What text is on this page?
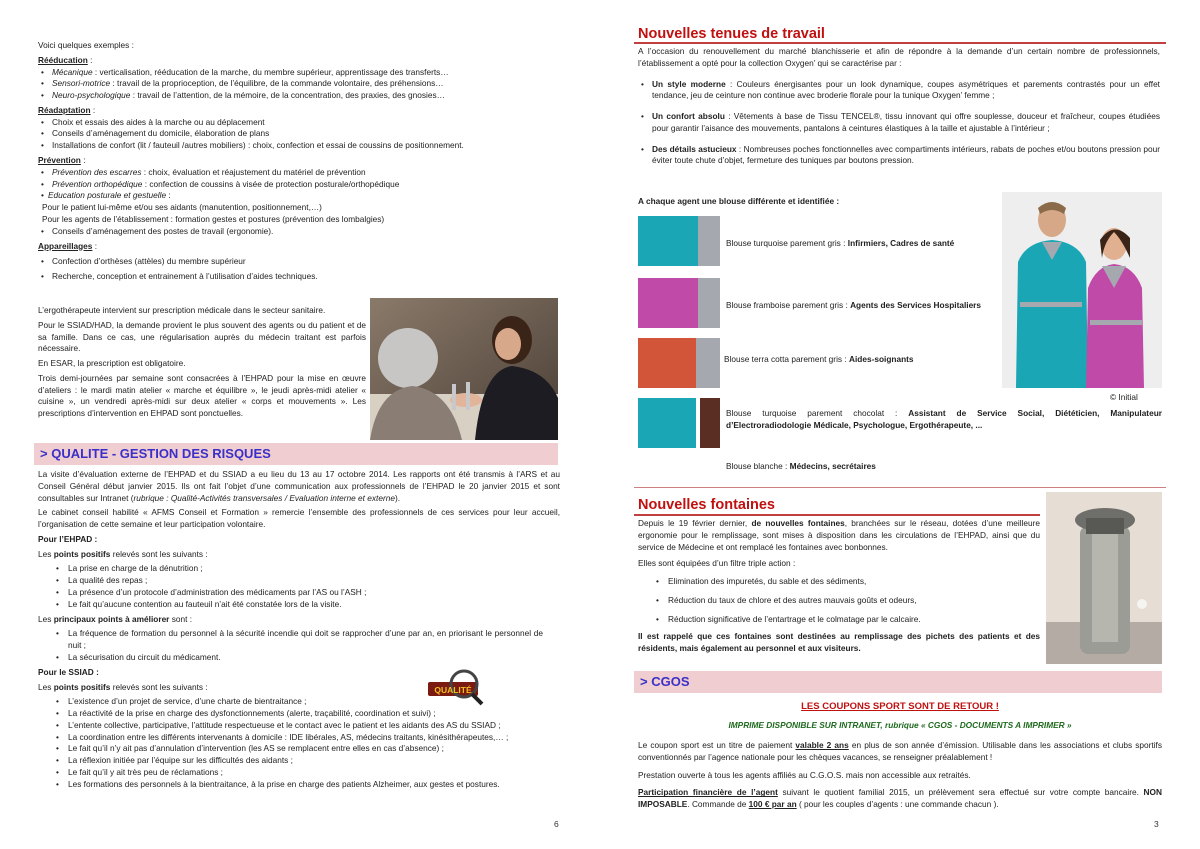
Voici quelques exemples :

Rééducation :
• Mécanique : verticalisation, rééducation de la marche, du membre supérieur, apprentissage des transferts…
• Sensori-motrice : travail de la proprioception, de l’équilibre, de la commande volontaire, des préhensions…
• Neuro-psychologique : travail de l’attention, de la mémoire, de la concentration, des praxies, des gnosies…
Réadaptation :
• Choix et essais des aides à la marche ou au déplacement
• Conseils d’aménagement du domicile, élaboration de plans
• Installations de confort (lit / fauteuil /autres mobiliers) : choix, confection et essai de coussins de positionnement.
Prévention :
• Prévention des escarres : choix, évaluation et réajustement du matériel de prévention
• Prévention orthopédique : confection de coussins à visée de protection posturale/orthopédique
• Education posturale et gestuelle :
Pour le patient lui-même et/ou ses aidants (manutention, positionnement,…)
Pour les agents de l’établissement : formation gestes et postures (prévention des lombalgies)
• Conseils d’aménagement des postes de travail (ergonomie).
Appareillages :
• Confection d’orthèses (attèles) du membre supérieur
• Recherche, conception et entrainement à l’utilisation d’aides techniques.

L’ergothérapeute intervient sur prescription médicale dans le secteur sanitaire.

Pour le SSIAD/HAD, la demande provient le plus souvent des agents ou du patient et de sa famille. Dans ce cas, une régularisation auprès du médecin traitant est parfois nécessaire.

En ESAR, la prescription est obligatoire.

Trois demi-journées par semaine sont consacrées à l’EHPAD pour la mise en œuvre d’ateliers : le mardi matin atelier « marche et équilibre », le jeudi après-midi atelier « cuisine », un vendredi après-midi sur deux atelier « corps et mouvements ». Les prescriptions d’intervention en EHPAD sont ponctuelles.

> QUALITE - GESTION DES RISQUES

La visite d’évaluation externe de l’EHPAD et du SSIAD a eu lieu du 13 au 17 octobre 2014. Les rapports ont été transmis à l’ARS et au Conseil Général début janvier 2015. Ils ont fait l’objet d’une communication aux professionnels de l’EHPAD le 20 janvier 2015 et sont consultables sur Intranet (rubrique : Qualité-Activités transversales / Evaluation interne et externe).

Le cabinet conseil habilité « AFMS Conseil et Formation » remercie l’ensemble des professionnels de ces services pour leur accueil, l’organisation de cette semaine et leur participation volontaire.

Pour l’EHPAD :

Les points positifs relevés sont les suivants :

• La prise en charge de la dénutrition ;
• La qualité des repas ;
• La présence d’un protocole d’administration des médicaments par l’AS ou l’ASH ;
• Le fait qu’aucune contention au fauteuil n’ait été constatée lors de la visite.

Les principaux points à améliorer sont :

• La fréquence de formation du personnel à la sécurité incendie qui doit se rapprocher d’une par an, en priorisant le personnel de nuit ;
• La sécurisation du circuit du médicament.

Pour le SSIAD :

Les points positifs relevés sont les suivants :

• L’existence d’un projet de service, d’une charte de bientraitance ;
• La réactivité de la prise en charge des dysfonctionnements (alerte, traçabilité, coordination et suivi) ;
• L’entente collective, participative, l’attitude respectueuse et le contact avec le patient et les aidants des AS du SSIAD ;
• La coordination entre les différents intervenants à domicile : IDE libérales, AS, médecins traitants, kinésithérapeutes,… ;
• Le fait qu’il n’y ait pas d’annulation d’intervention (les AS se remplacent entre elles en cas d’absence) ;
• La réflexion initiée par l’équipe sur les difficultés des aidants ;
• Le fait qu’il y ait très peu de réclamations ;
• Les formations des personnels à la bientraitance, à la prise en charge des patients Alzheimer, aux gestes et postures.
QUALITÉ
6
Nouvelles tenues de travail

A l’occasion du renouvellement du marché blanchisserie et afin de répondre à la demande d’un certain nombre de professionnels, l’établissement a opté pour la collection Oxygen’ qui se caractérise par :

• Un style moderne : Couleurs énergisantes pour un look dynamique, coupes asymétriques et parements contrastés pour un effet tendance, jeu de ceinture non continue avec broderie florale pour la tunique Oxygen’ femme ;
• Un confort absolu : Vêtements à base de Tissu TENCEL®, tissu innovant qui offre souplesse, douceur et fraîcheur, coupes étudiées pour garantir l’aisance des mouvements, pantalons à ceintures élastiques à la taille et ajustable à l’intérieur ;
• Des détails astucieux : Nombreuses poches fonctionnelles avec compartiments intérieurs, rabats de poches et/ou boutons pression pour éviter toute chute d’objet, fermeture des tuniques par boutons pression.
A chaque agent une blouse différente et identifiée :
Blouse turquoise parement gris : Infirmiers, Cadres de santé
Blouse framboise parement gris : Agents des Services Hospitaliers
Blouse terra cotta parement gris : Aides-soignants
Blouse turquoise parement chocolat : Assistant de Service Social, Diététicien, Manipulateur d’Electroradiodologie Médicale, Psychologue, Ergothérapeute, ...
Blouse blanche : Médecins, secrétaires
© Initial
Nouvelles fontaines

Depuis le 19 février dernier, de nouvelles fontaines, branchées sur le réseau, dotées d’une meilleure ergonomie pour le remplissage, sont mises à disposition dans les circulations de l’EHPAD, ainsi que du service de Médecine et ont remplacé les fontaines avec bonbonnes.

Elles sont équipées d’un filtre triple action :

• Elimination des impuretés, du sable et des sédiments,
• Réduction du taux de chlore et des autres mauvais goûts et odeurs,
• Réduction significative de l’entartrage et le colmatage par le calcaire.

Il est rappelé que ces fontaines sont destinées au remplissage des pichets des patients et des résidents, mais également au personnel et aux visiteurs.

> CGOS
LES COUPONS SPORT SONT DE RETOUR !
IMPRIME DISPONIBLE SUR INTRANET, rubrique « CGOS - DOCUMENTS A IMPRIMER »

Le coupon sport est un titre de paiement valable 2 ans en plus de son année d’émission. Utilisable dans les associations et clubs sportifs conventionnés par l’agence nationale pour les chèques vacances, se renseigner préalablement !

Prestation ouverte à tous les agents affiliés au C.G.O.S. mais non accessible aux retraités.

Participation financière de l’agent suivant le quotient familial 2015, un prélèvement sera effectué sur votre compte bancaire. NON IMPOSABLE. Commande de 100 € par an ( pour les couples d’agents : une commande chacun ).

3
